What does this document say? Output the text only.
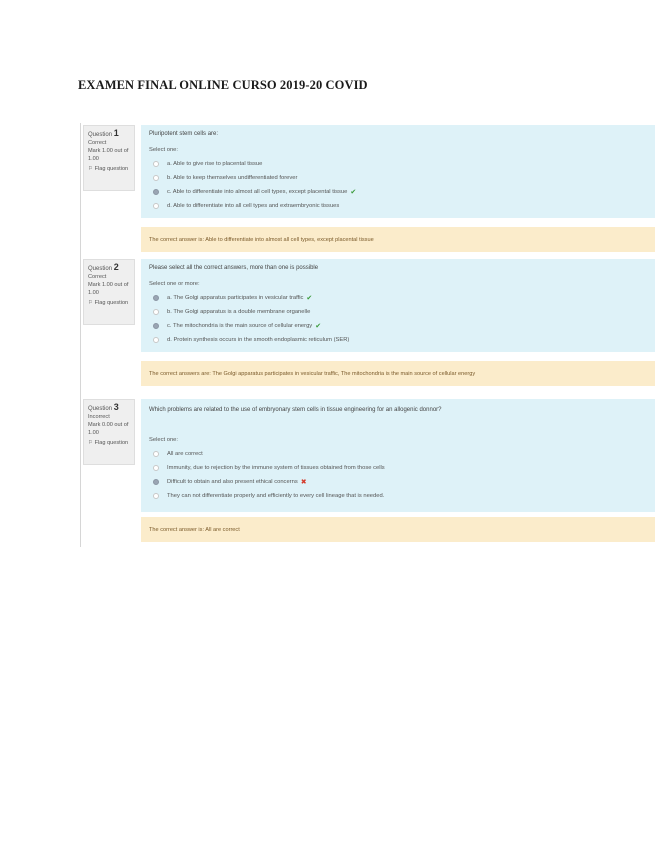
EXAMEN FINAL ONLINE CURSO 2019-20 COVID
Question 1
Correct
Mark 1.00 out of 1.00
⚐ Flag question
Pluripotent stem cells are:
Select one:
a. Able to give rise to placental tissue
b. Able to keep themselves undifferentiated forever
c. Able to differentiate into almost all cell types, except placental tissue ✔
d. Able to differentiate into all cell types and extraembryonic tissues
The correct answer is: Able to differentiate into almost all cell types, except placental tissue
Question 2
Correct
Mark 1.00 out of 1.00
⚐ Flag question
Please select all the correct answers, more than one is possible
Select one or more:
a. The Golgi apparatus participates in vesicular traffic ✔
b. The Golgi apparatus is a double membrane organelle
c. The mitochondria is the main source of cellular energy ✔
d. Protein synthesis occurs in the smooth endoplasmic reticulum (SER)
The correct answers are: The Golgi apparatus participates in vesicular traffic, The mitochondria is the main source of cellular energy
Question 3
Incorrect
Mark 0.00 out of 1.00
⚐ Flag question
Which problems are related to the use of embryonary stem cells in tissue engineering for an allogenic donnor?
Select one:
All are correct
Immunity, due to rejection by the immune system of tissues obtained from those cells
Difficult to obtain and also present ethical concerns ✖
They can not differentiate properly and efficiently to every cell lineage that is needed.
The correct answer is: All are correct
